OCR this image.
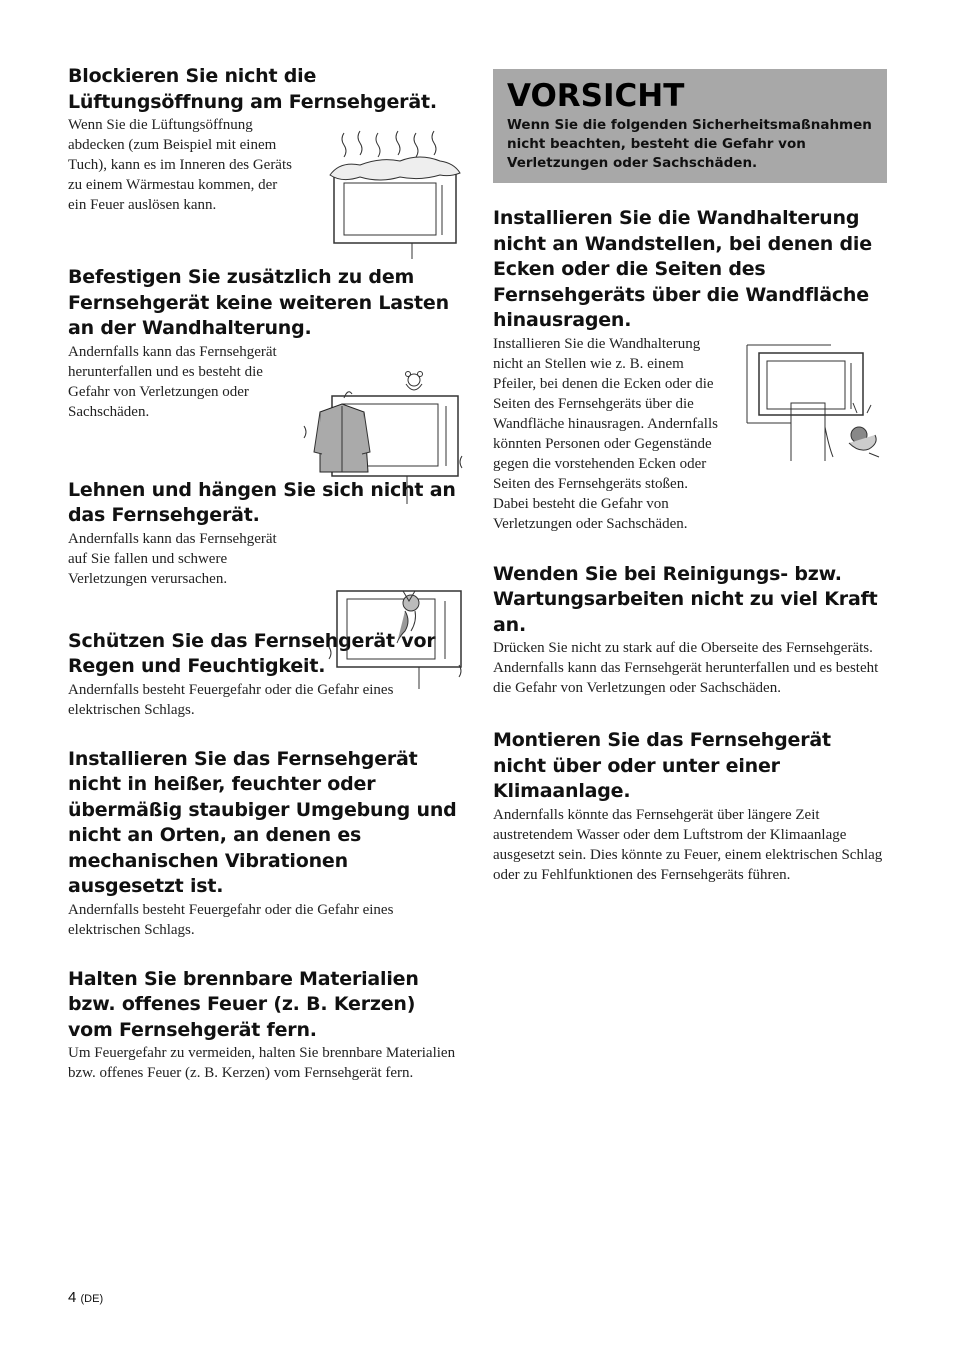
Blockieren Sie nicht die Lüftungsöffnung am Fernsehgerät.

Wenn Sie die Lüftungsöffnung abdecken (zum Beispiel mit einem Tuch), kann es im Inneren des Geräts zu einem Wärmestau kommen, der ein Feuer auslösen kann.

Befestigen Sie zusätzlich zu dem Fernsehgerät keine weiteren Lasten an der Wandhalterung.

Andernfalls kann das Fernsehgerät herunterfallen und es besteht die Gefahr von Verletzungen oder Sachschäden.

Lehnen und hängen Sie sich nicht an das Fernsehgerät.

Andernfalls kann das Fernsehgerät auf Sie fallen und schwere Verletzungen verursachen.

Schützen Sie das Fernsehgerät vor Regen und Feuchtigkeit.

Andernfalls besteht Feuergefahr oder die Gefahr eines elektrischen Schlags.

Installieren Sie das Fernsehgerät nicht in heißer, feuchter oder übermäßig staubiger Umgebung und nicht an Orten, an denen es mechanischen Vibrationen ausgesetzt ist.

Andernfalls besteht Feuergefahr oder die Gefahr eines elektrischen Schlags.

Halten Sie brennbare Materialien bzw. offenes Feuer (z. B. Kerzen) vom Fernsehgerät fern.

Um Feuergefahr zu vermeiden, halten Sie brennbare Materialien bzw. offenes Feuer (z. B. Kerzen) vom Fernsehgerät fern.

VORSICHT
Wenn Sie die folgenden Sicherheitsmaßnahmen nicht beachten, besteht die Gefahr von Verletzungen oder Sachschäden.
Installieren Sie die Wandhalterung nicht an Wandstellen, bei denen die Ecken oder die Seiten des Fernsehgeräts über die Wandfläche hinausragen.

Installieren Sie die Wandhalterung nicht an Stellen wie z. B. einem Pfeiler, bei denen die Ecken oder die Seiten des Fernsehgeräts über die Wandfläche hinausragen. Andernfalls könnten Personen oder Gegenstände gegen die vorstehenden Ecken oder Seiten des Fernsehgeräts stoßen. Dabei besteht die Gefahr von Verletzungen oder Sachschäden.

Wenden Sie bei Reinigungs- bzw. Wartungsarbeiten nicht zu viel Kraft an.

Drücken Sie nicht zu stark auf die Oberseite des Fernsehgeräts. Andernfalls kann das Fernsehgerät herunterfallen und es besteht die Gefahr von Verletzungen oder Sachschäden.

Montieren Sie das Fernsehgerät nicht über oder unter einer Klimaanlage.

Andernfalls könnte das Fernsehgerät über längere Zeit austretendem Wasser oder dem Luftstrom der Klimaanlage ausgesetzt sein. Dies könnte zu Feuer, einem elektrischen Schlag oder zu Fehlfunktionen des Fernsehgeräts führen.

4 (DE)
